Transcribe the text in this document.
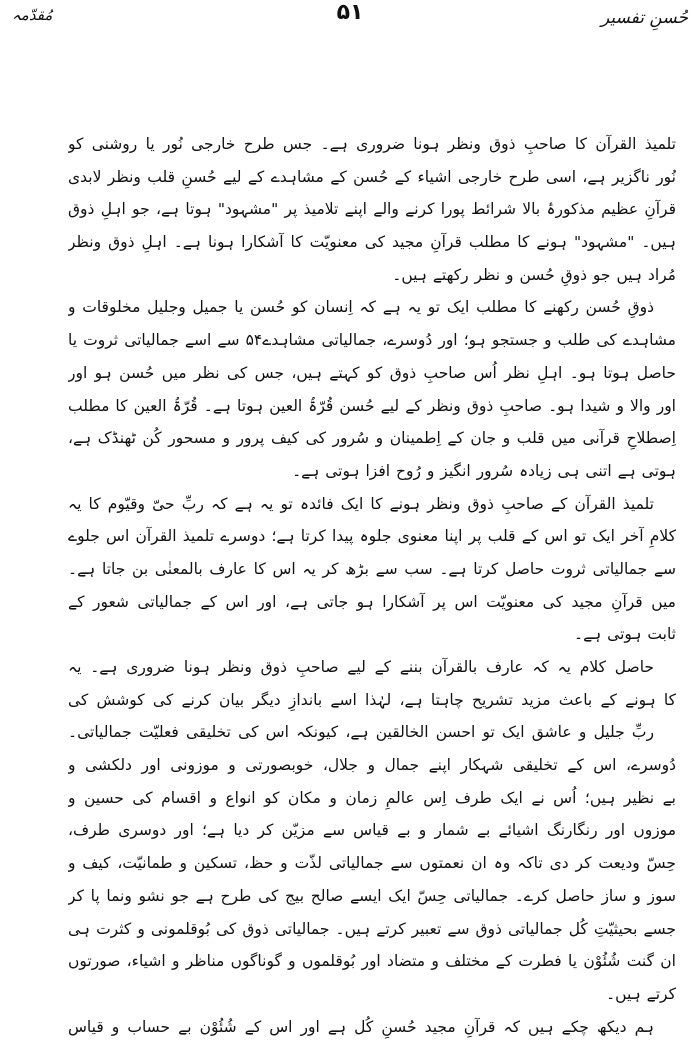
حُسنِ تفسیر
مُقدّمہ	۵۱
تلمیذ القرآن کا صاحبِ ذوق ونظر ہونا ضروری ہے۔ جس طرح خارجی نُور یا روشنی کو
نُور ناگزیر ہے، اسی طرح خارجی اشیاء کے حُسن کے مشاہدے کے لیے حُسنِ قلب ونظر لابدی
قرآنِ عظیم مذکورۂ بالا شرائط پورا کرنے والے اپنے تلامیذ پر "مشہود" ہوتا ہے، جو اہلِ ذوق
ہیں۔ "مشہود" ہونے کا مطلب قرآنِ مجید کی معنویّت کا آشکارا ہونا ہے۔ اہلِ ذوق ونظر
مُراد ہیں جو ذوقِ حُسن و نظر رکھتے ہیں۔
ذوقِ حُسن رکھنے کا مطلب ایک تو یہ ہے کہ اِنسان کو حُسن یا جمیل وجلیل مخلوقات و
مشاہدے کی طلب و جستجو ہو؛ اور دُوسرے، جمالیاتی مشاہدے۵۴ سے اسے جمالیاتی ثروت یا
حاصل ہوتا ہو۔ اہلِ نظر اُس صاحبِ ذوق کو کہتے ہیں، جس کی نظر میں حُسن ہو اور
اور والا و شیدا ہو۔ صاحبِ ذوق ونظر کے لیے حُسن قُرّۃُ العین ہوتا ہے۔ قُرّۃُ العین کا مطلب
اِصطلاحِ قرآنی میں قلب و جان کے اِطمینان و سُرور کی کیف پرور و مسحور کُن ٹھنڈک ہے،
ہوتی ہے اتنی ہی زیادہ سُرور انگیز و رُوح افزا ہوتی ہے۔
تلمیذ القرآن کے صاحبِ ذوق ونظر ہونے کا ایک فائدہ تو یہ ہے کہ ربِّ حیّ وقیّوم کا یہ
کلامِ آخر ایک تو اس کے قلب پر اپنا معنوی جلوہ پیدا کرتا ہے؛ دوسرے تلمیذ القرآن اس جلوے
سے جمالیاتی ثروت حاصل کرتا ہے۔ سب سے بڑھ کر یہ اس کا عارف بالمعنٰی بن جاتا ہے۔
میں قرآنِ مجید کی معنویّت اس پر آشکارا ہو جاتی ہے، اور اس کے جمالیاتی شعور کے
ثابت ہوتی ہے۔
حاصل کلام یہ کہ عارف بالقرآن بننے کے لیے صاحبِ ذوق ونظر ہونا ضروری ہے۔ یہ
کا ہونے کے باعث مزید تشریح چاہتا ہے، لہٰذا اسے باندازِ دیگر بیان کرنے کی کوشش کی
ربِّ جلیل و عاشق ایک تو احسن الخالقین ہے، کیونکہ اس کی تخلیقی فعلیّت جمالیاتی۔
دُوسرے، اس کے تخلیقی شہکار اپنے جمال و جلال، خوبصورتی و موزونی اور دلکشی و
بے نظیر ہیں؛ اُس نے ایک طرف اِس عالمِ زمان و مکان کو انواع و اقسام کی حسین و
موزوں اور رنگارنگ اشیائے بے شمار و بے قیاس سے مزیّن کر دیا ہے؛ اور دوسری طرف،
حِسّ ودیعت کر دی تاکہ وہ ان نعمتوں سے جمالیاتی لذّت و حظ، تسکین و طمانیّت، کیف و
سوز و ساز حاصل کرے۔ جمالیاتی حِسّ ایک ایسے صالح بیج کی طرح ہے جو نشو ونما پا کر
جسے بحیثیّتِ کُل جمالیاتی ذوق سے تعبیر کرتے ہیں۔ جمالیاتی ذوق کی بُوقلمونی و کثرت ہی
ان گنت شُئُوْن یا فطرت کے مختلف و متضاد اور بُوقلموں و گوناگوں مناظر و اشیاء، صورتوں
کرتے ہیں۔
ہم دیکھ چکے ہیں کہ قرآنِ مجید حُسنِ کُل ہے اور اس کے شُئُوْن بے حساب و قیاس
